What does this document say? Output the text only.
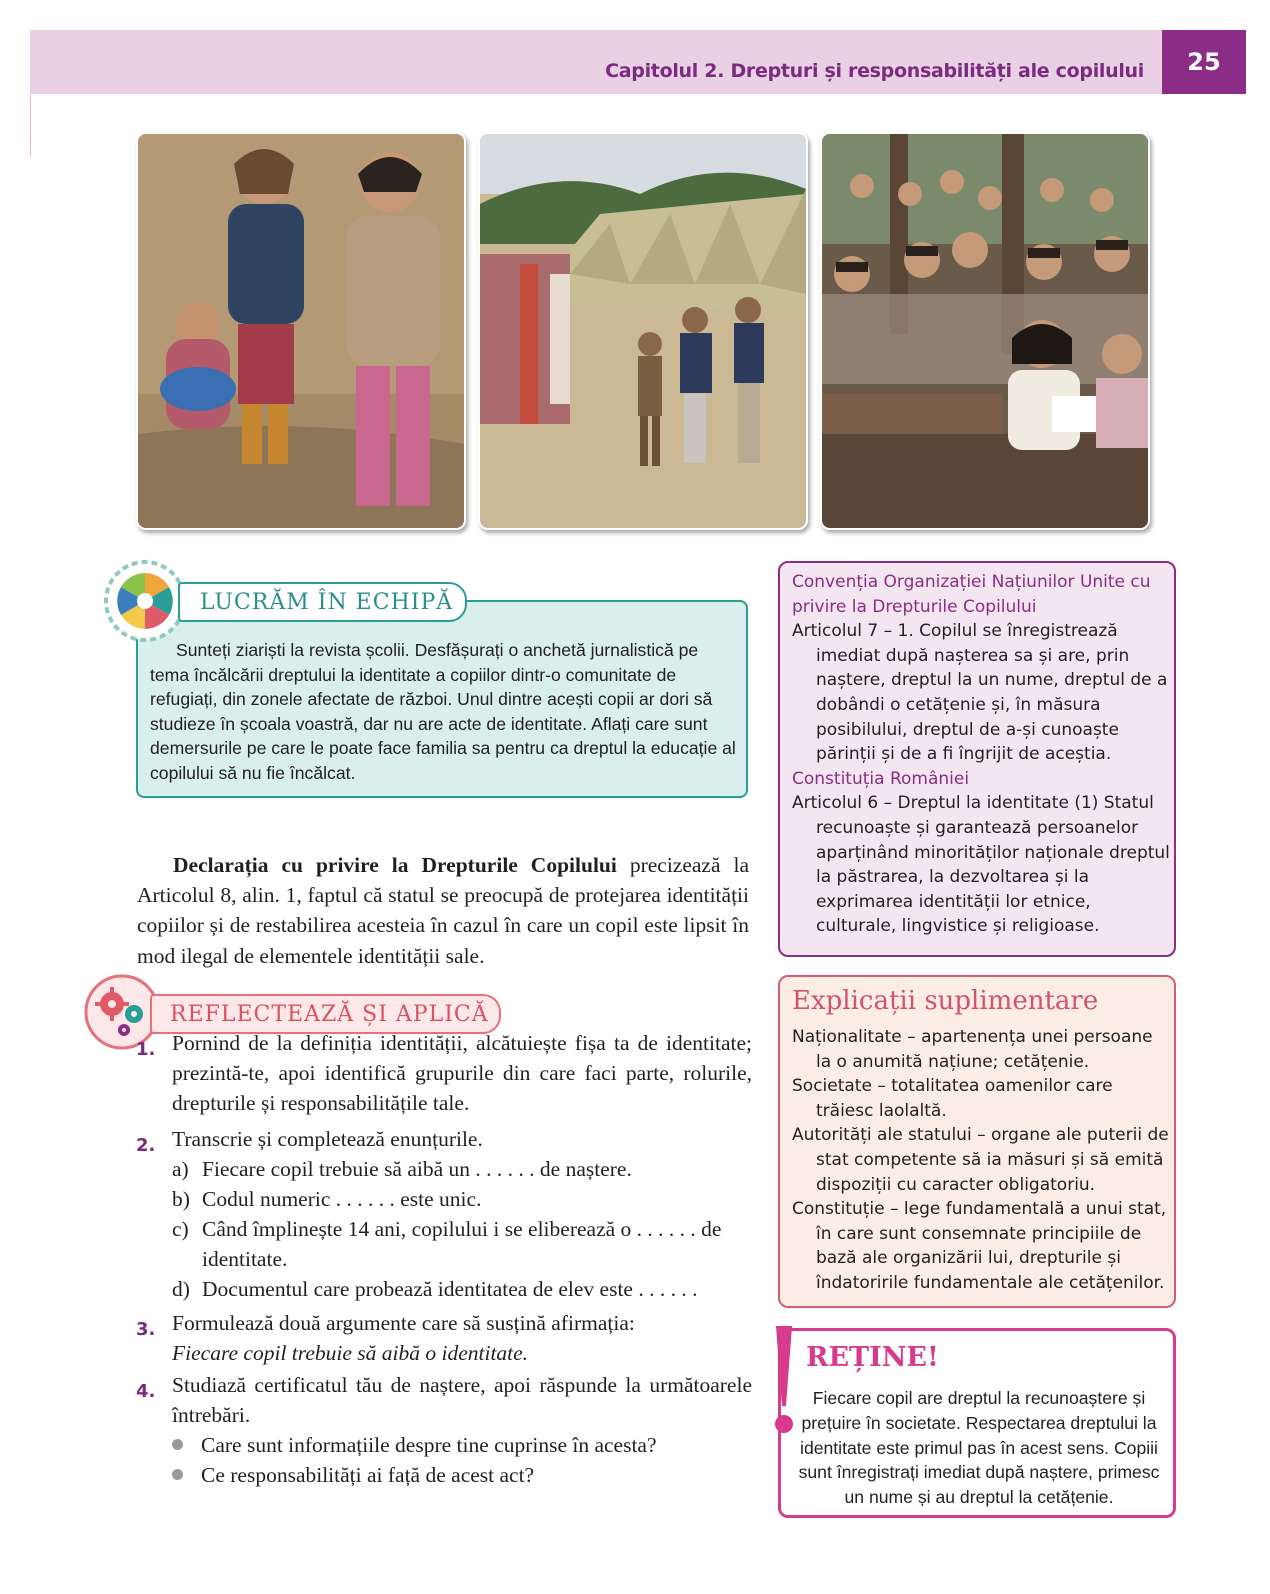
Capitolul 2. Drepturi și responsabilități ale copilului	25
LUCRĂM ÎN ECHIPĂ
Sunteți ziariști la revista școlii. Desfășurați o anchetă jurnalistică pe tema încălcării dreptului la identitate a copiilor dintr-o comunitate de refugiați, din zonele afectate de război. Unul dintre acești copii ar dori să studieze în școala voastră, dar nu are acte de identitate. Aflați care sunt demersurile pe care le poate face familia sa pentru ca dreptul la educație al copilului să nu fie încălcat.
Declarația cu privire la Drepturile Copilului precizează la Articolul 8, alin. 1, faptul că statul se preocupă de protejarea identității copiilor și de restabilirea acesteia în cazul în care un copil este lipsit în mod ilegal de elementele identității sale.
REFLECTEAZĂ ȘI APLICĂ
1. Pornind de la definiția identității, alcătuiește fișa ta de identitate; prezintă-te, apoi identifică grupurile din care faci parte, rolurile, drepturile și responsabilitățile tale.
2. Transcrie și completează enunțurile.
a) Fiecare copil trebuie să aibă un . . . . . . de naștere.
b) Codul numeric . . . . . . este unic.
c) Când împlinește 14 ani, copilului i se eliberează o . . . . . . de identitate.
d) Documentul care probează identitatea de elev este . . . . . .
3. Formulează două argumente care să susțină afirmația:
Fiecare copil trebuie să aibă o identitate.
4. Studiază certificatul tău de naștere, apoi răspunde la următoarele întrebări.
Care sunt informațiile despre tine cuprinse în acesta?
Ce responsabilități ai față de acest act?
Convenția Organizației Națiunilor Unite cu privire la Drepturile Copilului
Articolul 7 – 1. Copilul se înregistrează imediat după nașterea sa și are, prin naștere, dreptul la un nume, dreptul de a dobândi o cetățenie și, în măsura posibilului, dreptul de a-și cunoaște părinții și de a fi îngrijit de aceștia.
Constituția României
Articolul 6 – Dreptul la identitate (1) Statul recunoaște și garantează persoanelor aparținând minorităților naționale dreptul la păstrarea, la dezvoltarea și la exprimarea identității lor etnice, culturale, lingvistice și religioase.
Explicații suplimentare
Naționalitate – apartenența unei persoane la o anumită națiune; cetățenie.
Societate – totalitatea oamenilor care trăiesc laolaltă.
Autorități ale statului – organe ale puterii de stat competente să ia măsuri și să emită dispoziții cu caracter obligatoriu.
Constituție – lege fundamentală a unui stat, în care sunt consemnate principiile de bază ale organizării lui, drepturile și îndatoririle fundamentale ale cetățenilor.
REȚINE!
Fiecare copil are dreptul la recunoaștere și prețuire în societate. Respectarea dreptului la identitate este primul pas în acest sens. Copiii sunt înregistrați imediat după naștere, primesc un nume și au dreptul la cetățenie.
